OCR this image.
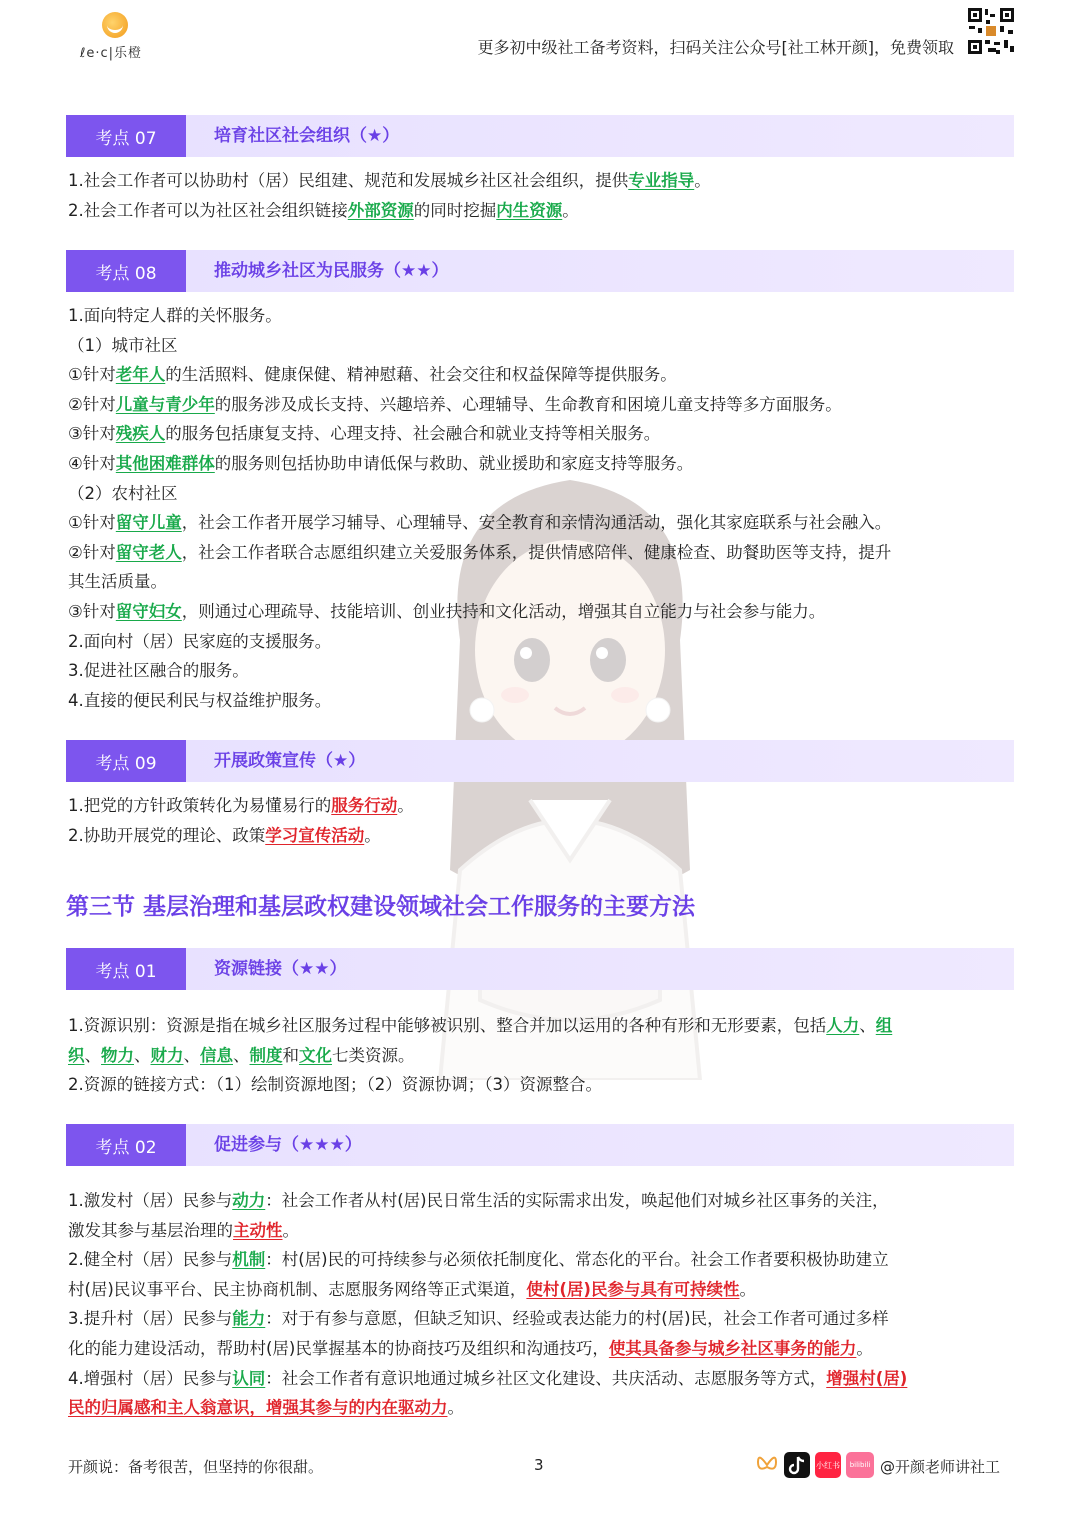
ℓe·c|乐橙	更多初中级社工备考资料，扫码关注公众号[社工林开颜]，免费领取
考点 07	培育社区社会组织（★）
1.社会工作者可以协助村（居）民组建、规范和发展城乡社区社会组织，提供专业指导。
2.社会工作者可以为社区社会组织链接外部资源的同时挖掘内生资源。
考点 08	推动城乡社区为民服务（★★）
1.面向特定人群的关怀服务。
（1）城市社区
①针对老年人的生活照料、健康保健、精神慰藉、社会交往和权益保障等提供服务。
②针对儿童与青少年的服务涉及成长支持、兴趣培养、心理辅导、生命教育和困境儿童支持等多方面服务。
③针对残疾人的服务包括康复支持、心理支持、社会融合和就业支持等相关服务。
④针对其他困难群体的服务则包括协助申请低保与救助、就业援助和家庭支持等服务。
（2）农村社区
①针对留守儿童，社会工作者开展学习辅导、心理辅导、安全教育和亲情沟通活动，强化其家庭联系与社会融入。
②针对留守老人，社会工作者联合志愿组织建立关爱服务体系，提供情感陪伴、健康检查、助餐助医等支持，提升
其生活质量。
③针对留守妇女，则通过心理疏导、技能培训、创业扶持和文化活动，增强其自立能力与社会参与能力。
2.面向村（居）民家庭的支援服务。
3.促进社区融合的服务。
4.直接的便民利民与权益维护服务。
考点 09	开展政策宣传（★）
1.把党的方针政策转化为易懂易行的服务行动。
2.协助开展党的理论、政策学习宣传活动。
第三节 基层治理和基层政权建设领域社会工作服务的主要方法
考点 01	资源链接（★★）
1.资源识别：资源是指在城乡社区服务过程中能够被识别、整合并加以运用的各种有形和无形要素，包括人力、组
织、物力、财力、信息、制度和文化七类资源。
2.资源的链接方式：（1）绘制资源地图；（2）资源协调；（3）资源整合。
考点 02	促进参与（★★★）
1.激发村（居）民参与动力：社会工作者从村(居)民日常生活的实际需求出发，唤起他们对城乡社区事务的关注，
激发其参与基层治理的主动性。
2.健全村（居）民参与机制：村(居)民的可持续参与必须依托制度化、常态化的平台。社会工作者要积极协助建立
村(居)民议事平台、民主协商机制、志愿服务网络等正式渠道，使村(居)民参与具有可持续性。
3.提升村（居）民参与能力：对于有参与意愿，但缺乏知识、经验或表达能力的村(居)民，社会工作者可通过多样
化的能力建设活动，帮助村(居)民掌握基本的协商技巧及组织和沟通技巧，使其具备参与城乡社区事务的能力。
4.增强村（居）民参与认同：社会工作者有意识地通过城乡社区文化建设、共庆活动、志愿服务等方式，增强村(居)
民的归属感和主人翁意识，增强其参与的内在驱动力。
开颜说：备考很苦，但坚持的你很甜。	3	小红书	bilibili @开颜老师讲社工
